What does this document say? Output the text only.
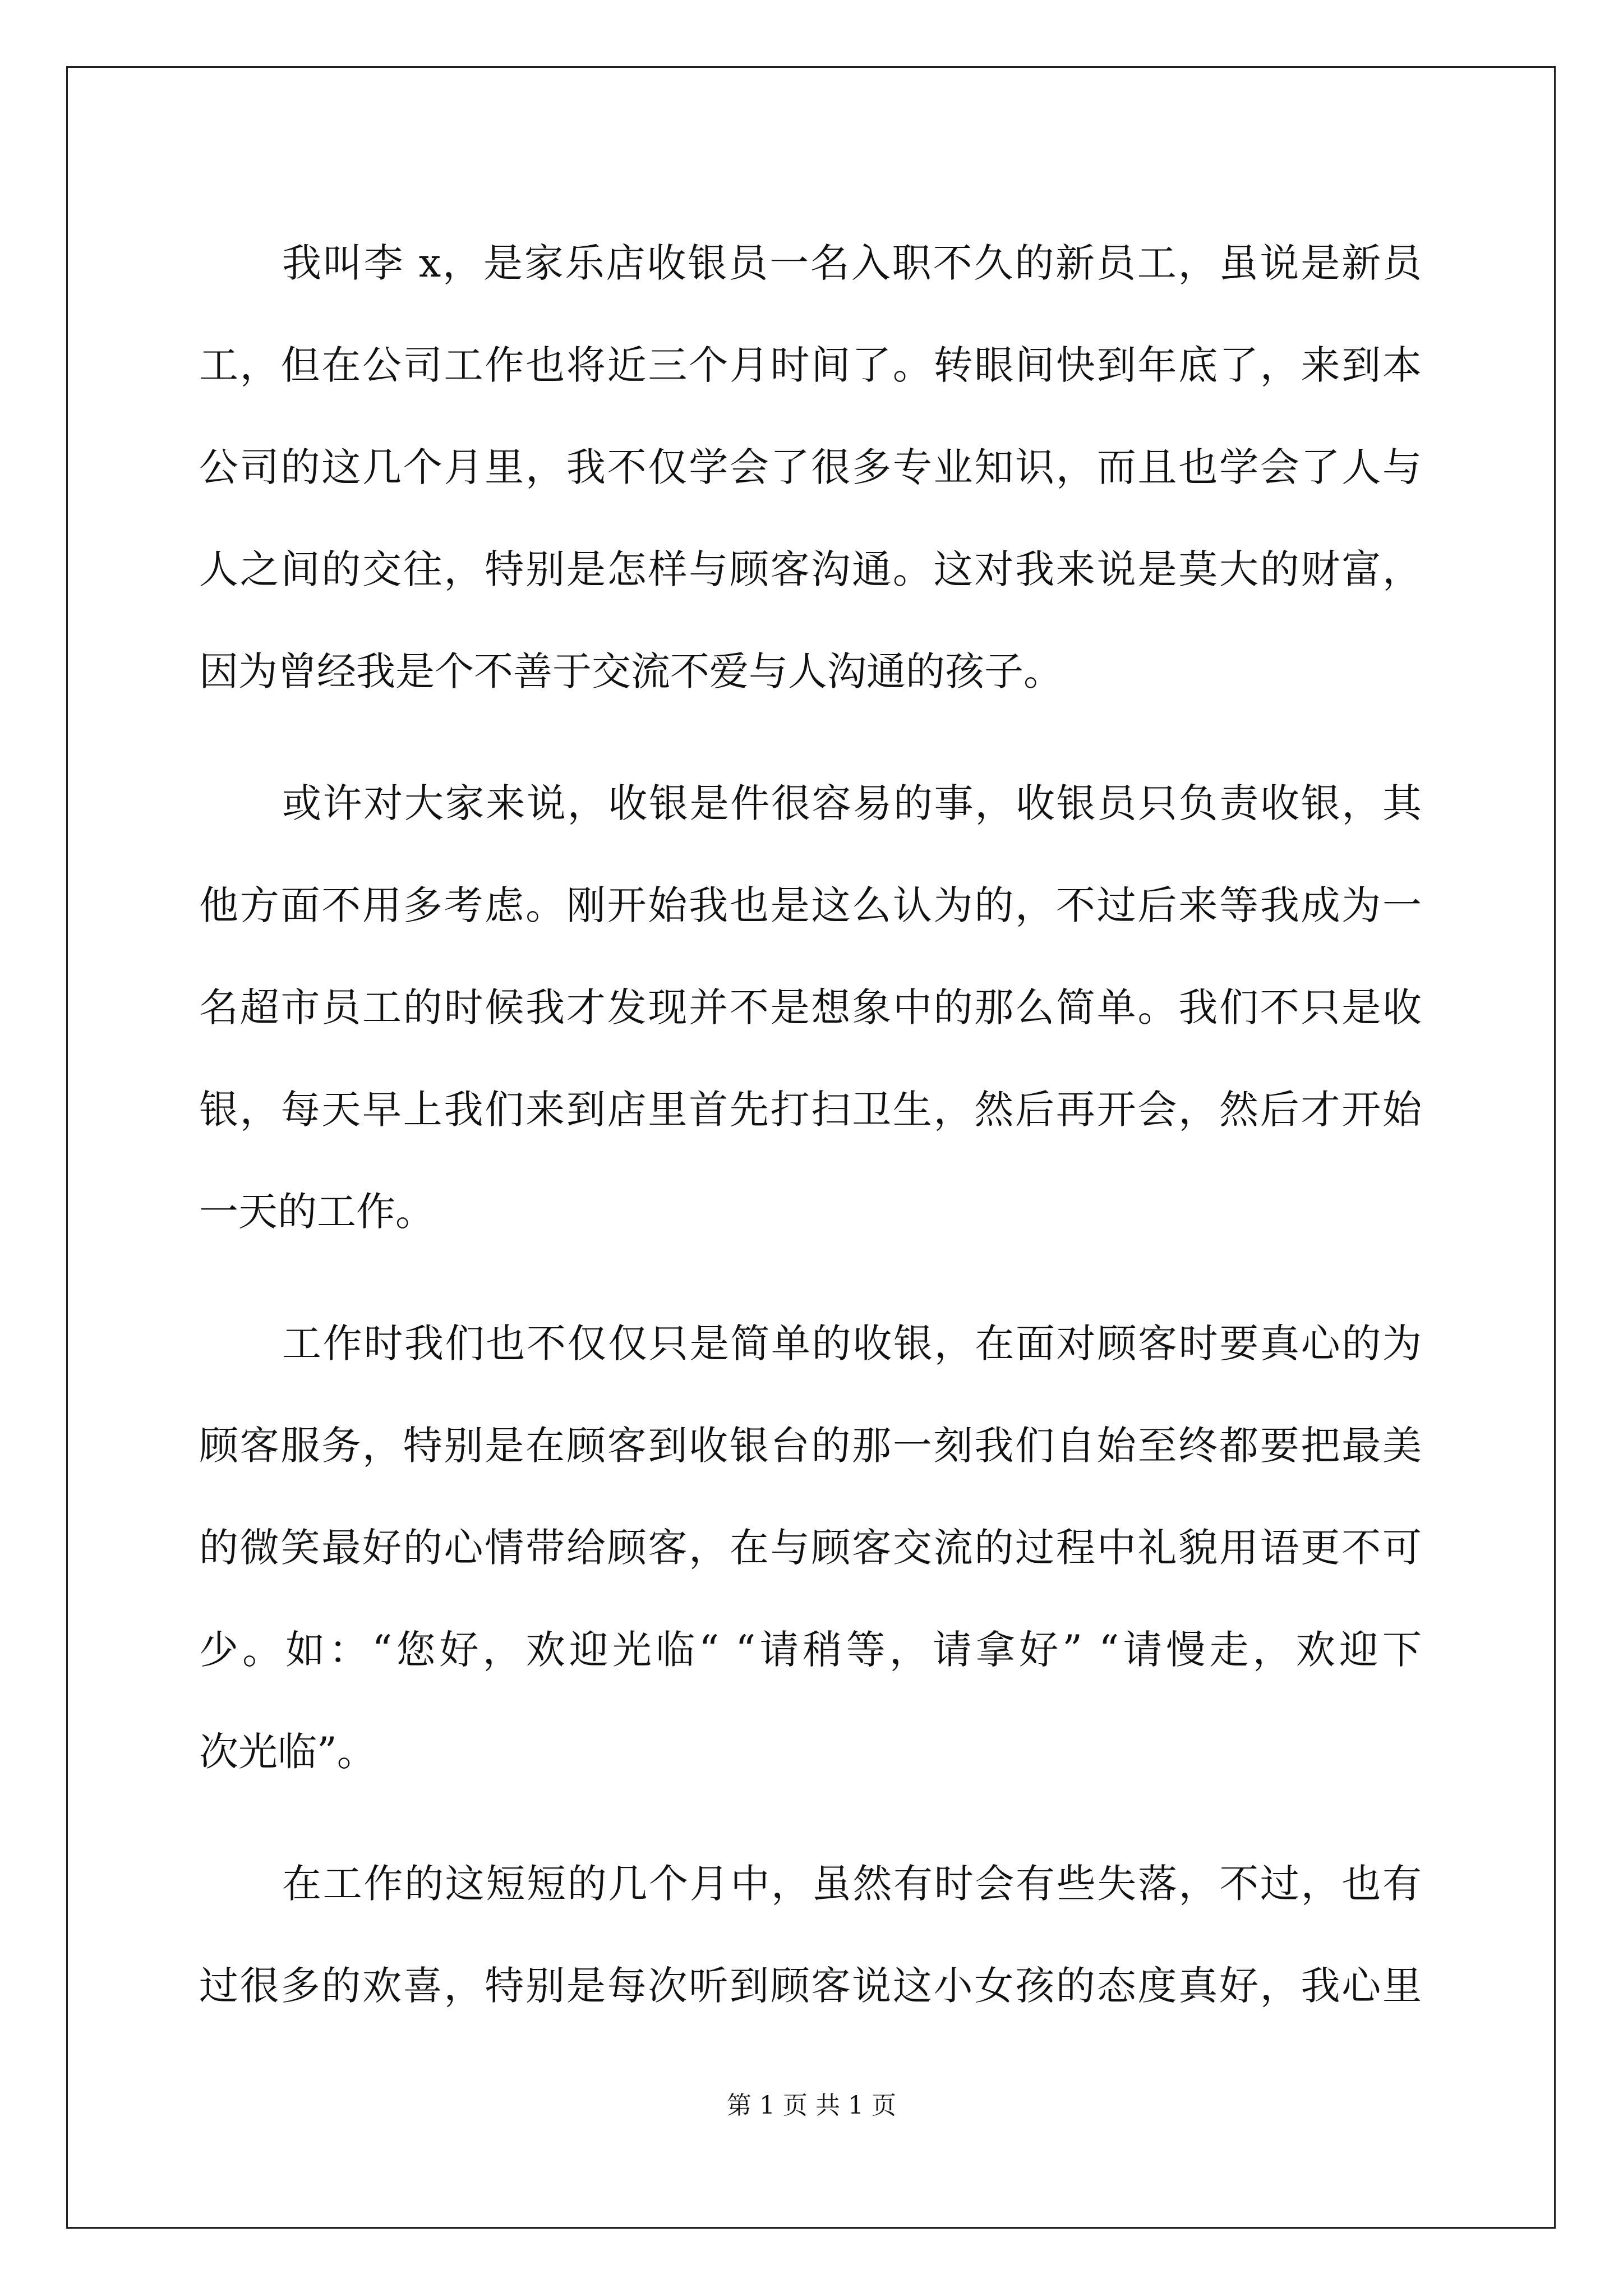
我叫李 x，是家乐店收银员一名入职不久的新员工，虽说是新员
工，但在公司工作也将近三个月时间了。转眼间快到年底了，来到本
公司的这几个月里，我不仅学会了很多专业知识，而且也学会了人与
人之间的交往，特别是怎样与顾客沟通。这对我来说是莫大的财富，
因为曾经我是个不善于交流不爱与人沟通的孩子。
或许对大家来说，收银是件很容易的事，收银员只负责收银，其
他方面不用多考虑。刚开始我也是这么认为的，不过后来等我成为一
名超市员工的时候我才发现并不是想象中的那么简单。我们不只是收
银，每天早上我们来到店里首先打扫卫生，然后再开会，然后才开始
一天的工作。
工作时我们也不仅仅只是简单的收银，在面对顾客时要真心的为
顾客服务，特别是在顾客到收银台的那一刻我们自始至终都要把最美
的微笑最好的心情带给顾客，在与顾客交流的过程中礼貌用语更不可
少。如：“您好，欢迎光临“ “请稍等，请拿好” “请慢走，欢迎下
次光临”。
在工作的这短短的几个月中，虽然有时会有些失落，不过，也有
过很多的欢喜，特别是每次听到顾客说这小女孩的态度真好，我心里
第 1 页 共 1 页
